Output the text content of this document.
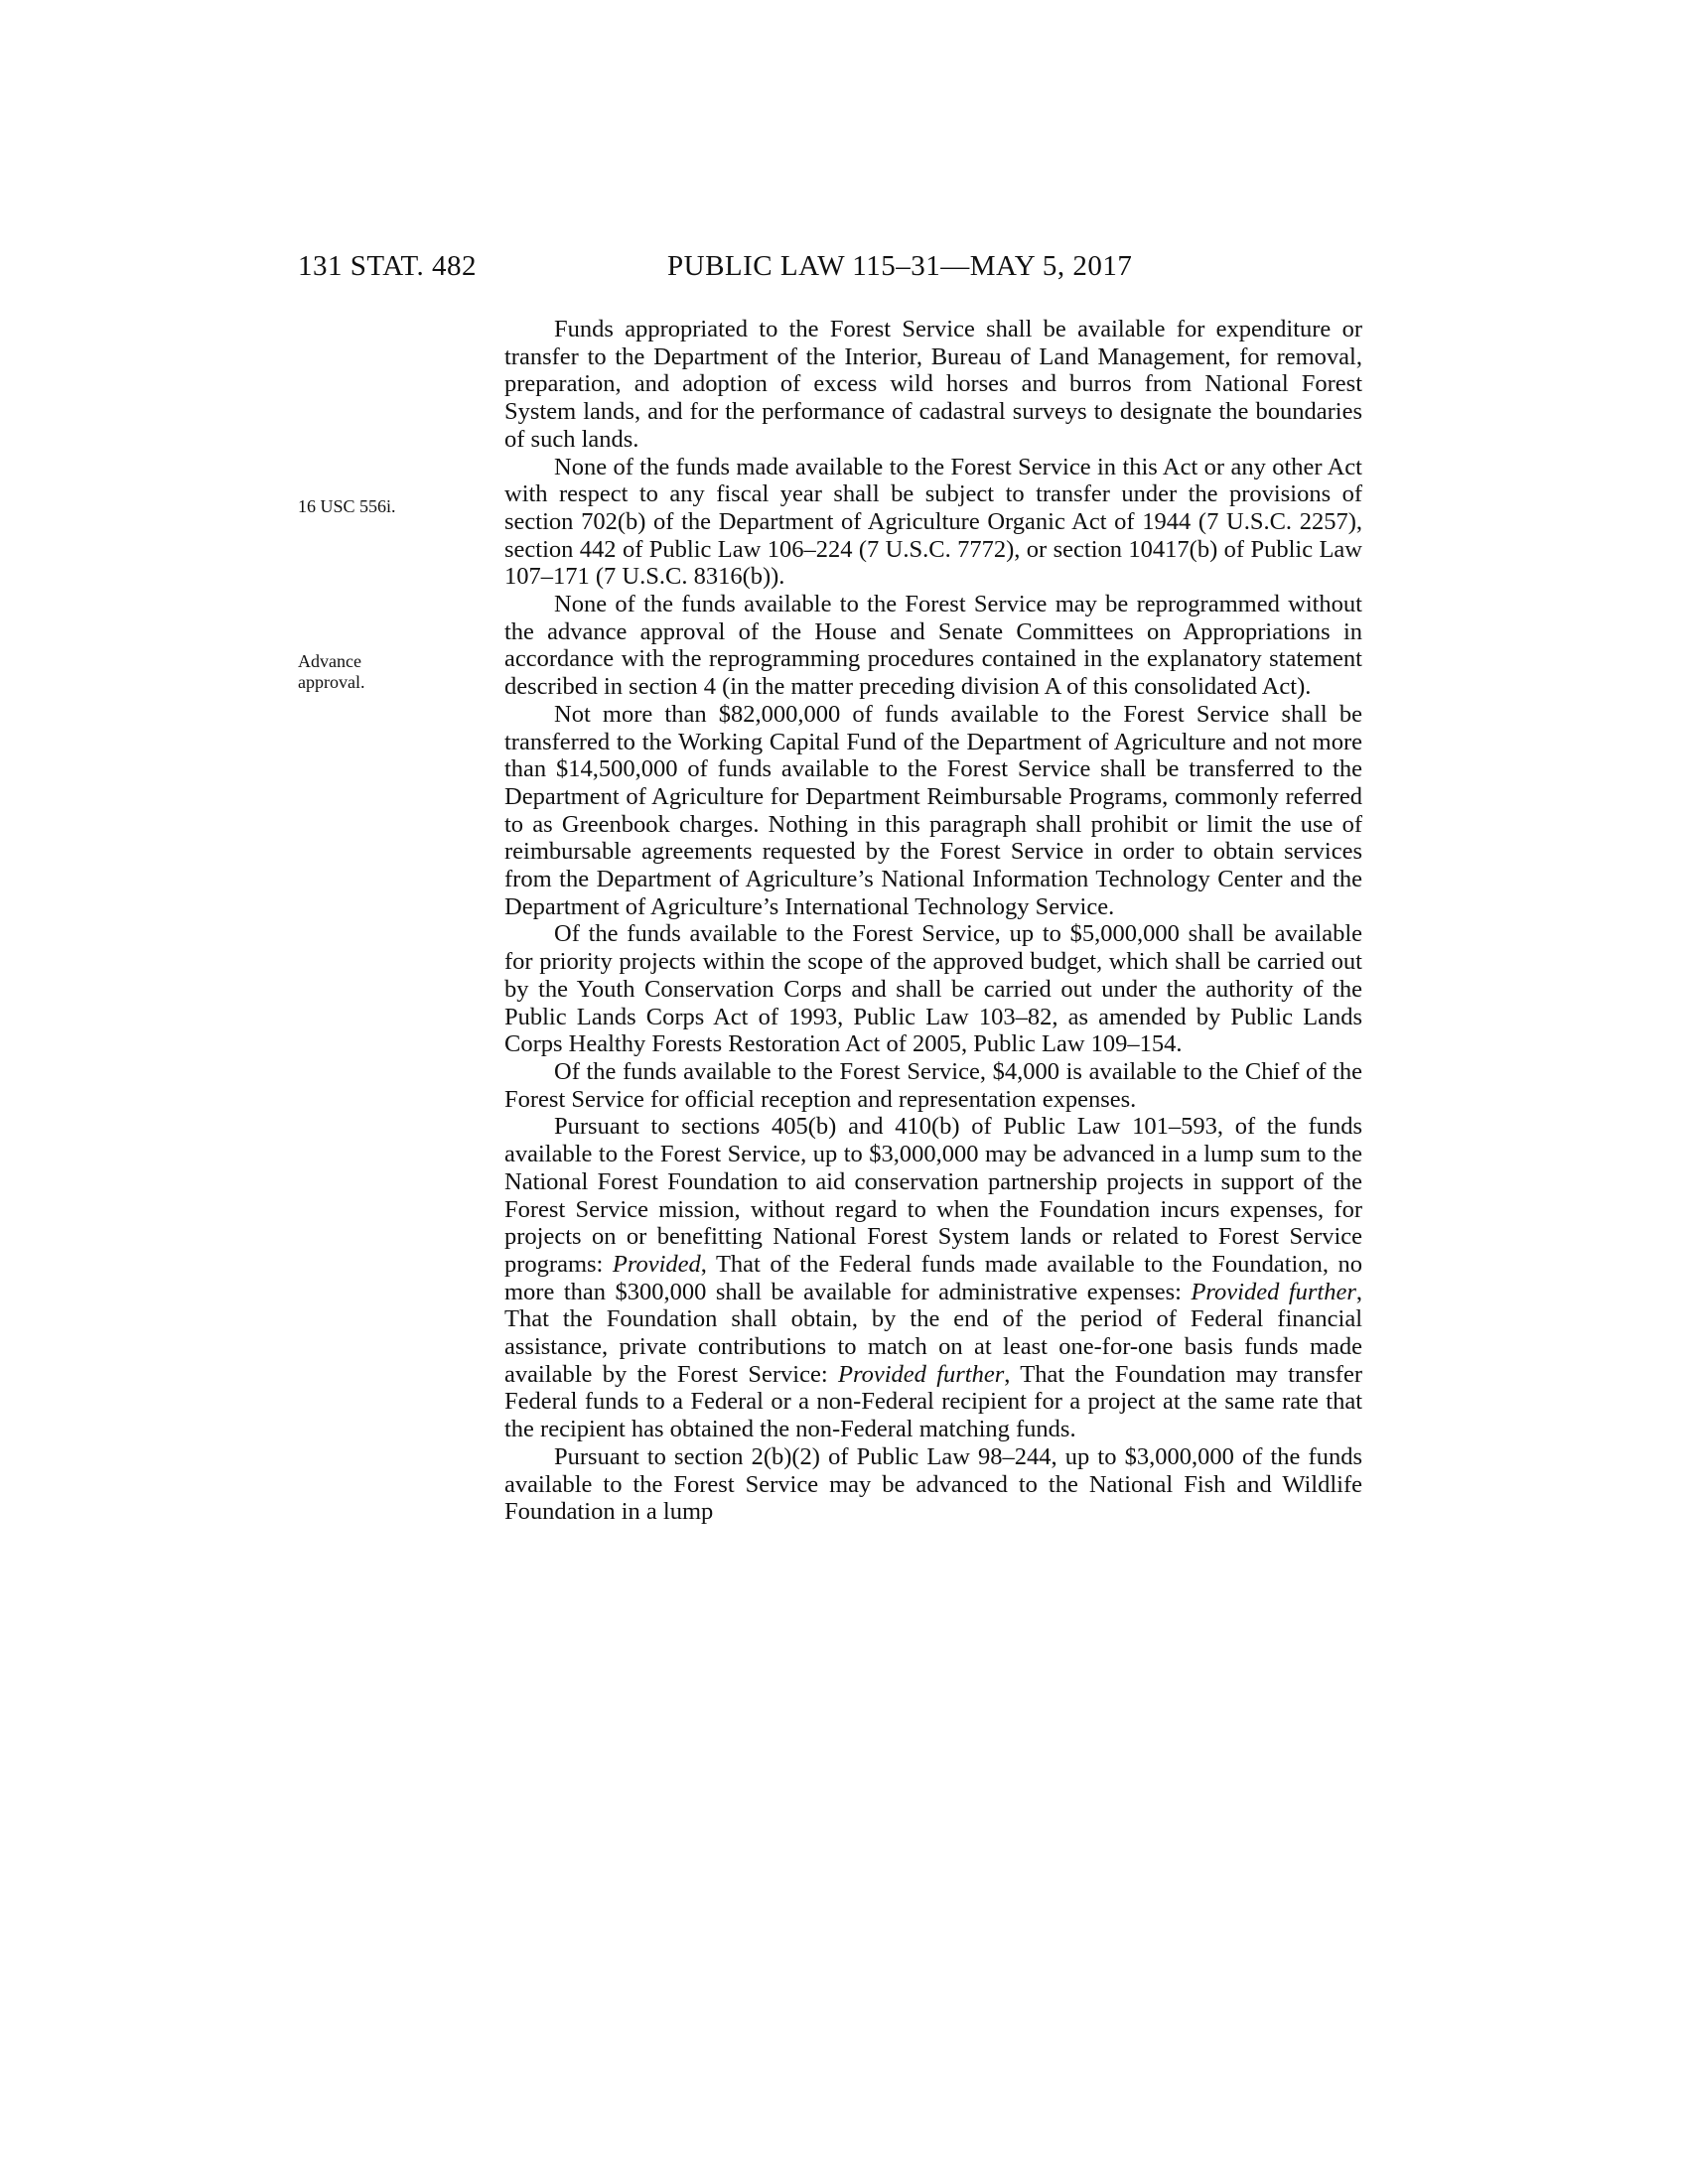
131 STAT. 482	PUBLIC LAW 115–31—MAY 5, 2017
16 USC 556i.
Advance
approval.

Funds appropriated to the Forest Service shall be available for expenditure or transfer to the Department of the Interior, Bureau of Land Management, for removal, preparation, and adoption of excess wild horses and burros from National Forest System lands, and for the performance of cadastral surveys to designate the boundaries of such lands.

None of the funds made available to the Forest Service in this Act or any other Act with respect to any fiscal year shall be subject to transfer under the provisions of section 702(b) of the Department of Agriculture Organic Act of 1944 (7 U.S.C. 2257), section 442 of Public Law 106–224 (7 U.S.C. 7772), or section 10417(b) of Public Law 107–171 (7 U.S.C. 8316(b)).

None of the funds available to the Forest Service may be reprogrammed without the advance approval of the House and Senate Committees on Appropriations in accordance with the reprogramming procedures contained in the explanatory statement described in section 4 (in the matter preceding division A of this consolidated Act).

Not more than $82,000,000 of funds available to the Forest Service shall be transferred to the Working Capital Fund of the Department of Agriculture and not more than $14,500,000 of funds available to the Forest Service shall be transferred to the Department of Agriculture for Department Reimbursable Programs, commonly referred to as Greenbook charges. Nothing in this paragraph shall prohibit or limit the use of reimbursable agreements requested by the Forest Service in order to obtain services from the Department of Agriculture’s National Information Technology Center and the Department of Agriculture’s International Technology Service.

Of the funds available to the Forest Service, up to $5,000,000 shall be available for priority projects within the scope of the approved budget, which shall be carried out by the Youth Conservation Corps and shall be carried out under the authority of the Public Lands Corps Act of 1993, Public Law 103–82, as amended by Public Lands Corps Healthy Forests Restoration Act of 2005, Public Law 109–154.

Of the funds available to the Forest Service, $4,000 is available to the Chief of the Forest Service for official reception and representation expenses.

Pursuant to sections 405(b) and 410(b) of Public Law 101–593, of the funds available to the Forest Service, up to $3,000,000 may be advanced in a lump sum to the National Forest Foundation to aid conservation partnership projects in support of the Forest Service mission, without regard to when the Foundation incurs expenses, for projects on or benefitting National Forest System lands or related to Forest Service programs: Provided, That of the Federal funds made available to the Foundation, no more than $300,000 shall be available for administrative expenses: Provided further, That the Foundation shall obtain, by the end of the period of Federal financial assistance, private contributions to match on at least one-for-one basis funds made available by the Forest Service: Provided further, That the Foundation may transfer Federal funds to a Federal or a non-Federal recipient for a project at the same rate that the recipient has obtained the non-Federal matching funds.

Pursuant to section 2(b)(2) of Public Law 98–244, up to $3,000,000 of the funds available to the Forest Service may be advanced to the National Fish and Wildlife Foundation in a lump
